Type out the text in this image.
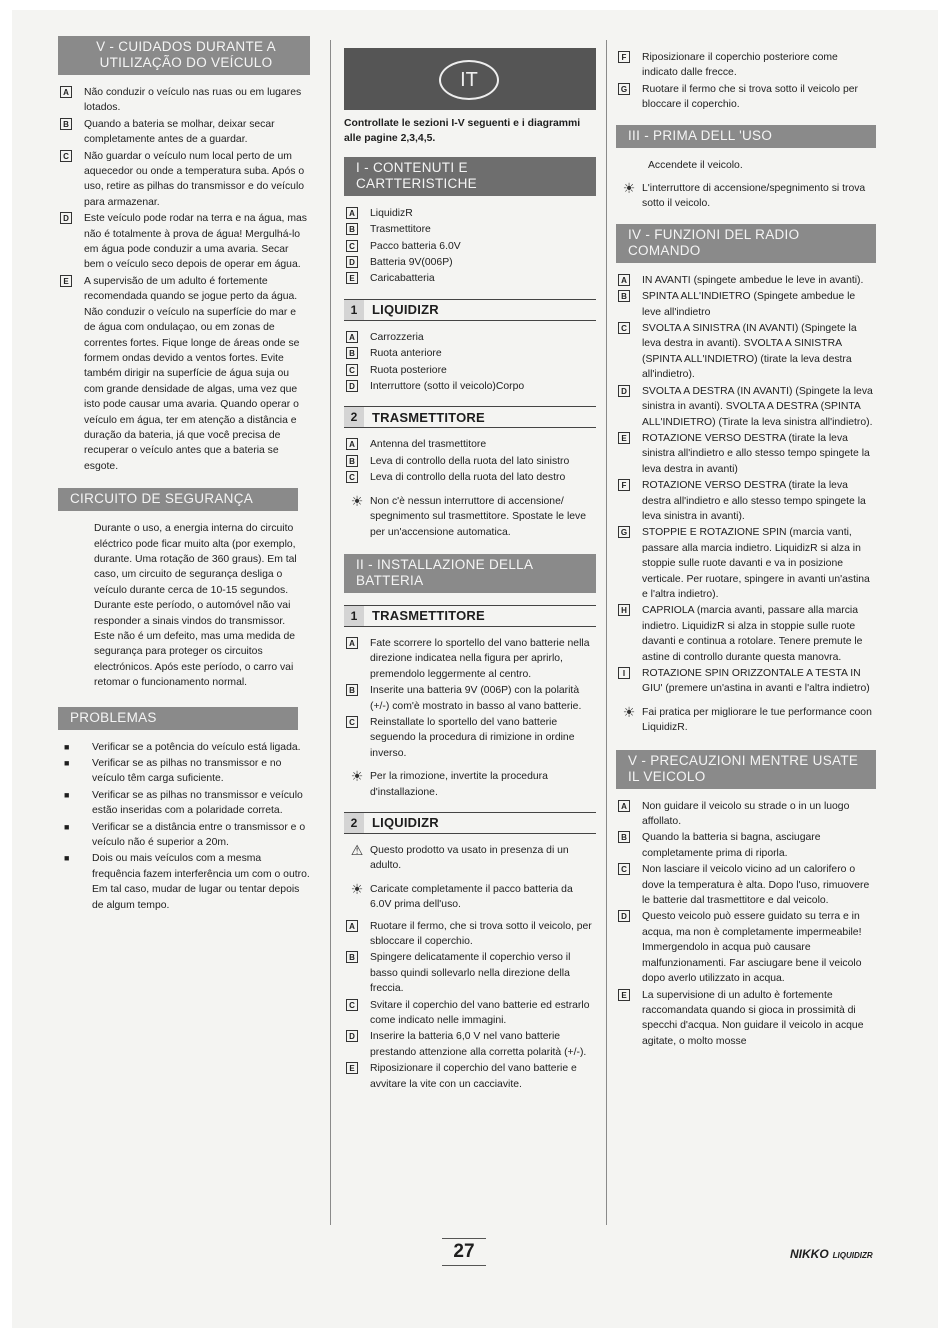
V - CUIDADOS DURANTE A UTILIZAÇÃO DO VEÍCULO
A Não conduzir o veículo nas ruas ou em lugares lotados.
B Quando a bateria se molhar, deixar secar completamente antes de a guardar.
C Não guardar o veículo num local perto de um aquecedor ou onde a temperatura suba. Após o uso, retire as pilhas do transmissor e do veículo para armazenar.
D Este veículo pode rodar na terra e na água, mas não é totalmente à prova de água! Mergulhá-lo em água pode conduzir a uma avaria. Secar bem o veículo seco depois de operar em água.
E	A supervisão de um adulto é fortemente recomendada quando se jogue perto da água. Não conduzir o veículo na superfície do mar e de água com ondulaçao, ou em zonas de correntes fortes. Fique longe de áreas onde se formem ondas devido a ventos fortes. Evite também dirigir na superfície de água suja ou com grande densidade de algas, uma vez que isto pode causar uma avaria. Quando operar o veículo em água, ter em atenção a distância e duração da bateria, já que você precisa de recuperar o veículo antes que a bateria se esgote.
CIRCUITO DE SEGURANÇA
Durante o uso, a energia interna do circuito eléctrico pode ficar muito alta (por exemplo, durante. Uma rotação de 360 graus). Em tal caso, um circuito de segurança desliga o veículo durante cerca de 10-15 segundos. Durante este período, o automóvel não vai responder a sinais vindos do transmissor. Este não é um defeito, mas uma medida de segurança para proteger os circuitos electrónicos. Após este período, o carro vai retomar o funcionamento normal.
PROBLEMAS
■	Verificar se a potência do veículo está ligada.
■	Verificar se as pilhas no transmissor e no veículo têm carga suficiente.
■	Verificar se as pilhas no transmissor e veículo estão inseridas com a polaridade correta.
■	Verificar se a distância entre o transmissor e o veículo não é superior a 20m.
■	Dois ou mais veículos com a mesma frequência fazem interferência um com o outro. Em tal caso, mudar de lugar ou tentar depois de algum tempo.
IT
Controllate le sezioni I-V seguenti e i diagrammi alle pagine 2,3,4,5.
I - CONTENUTI E CARTTERISTICHE
A LiquidizR
B Trasmettitore
C Pacco batteria 6.0V
D Batteria 9V(006P)
E	Caricabatteria
1	LIQUIDIZR
A Carrozzeria
B Ruota anteriore
C Ruota posteriore
D Interruttore (sotto il veicolo)Corpo
2	TRASMETTITORE
A Antenna del trasmettitore
B Leva di controllo della ruota del lato sinistro
C Leva di controllo della ruota del lato destro
☀ Non c'è nessun interruttore di accensione/ spegnimento sul trasmettitore. Spostate le leve per un'accensione automatica.
II - INSTALLAZIONE DELLA BATTERIA
1	TRASMETTITORE
A Fate scorrere lo sportello del vano batterie nella direzione indicatea nella figura per aprirlo, premendolo leggermente al centro.
B Inserite una batteria 9V (006P) con la polarità (+/-) com'è mostrato in basso al vano batterie.
C Reinstallate lo sportello del vano batterie seguendo la procedura di rimizione in ordine inverso.
☀ Per la rimozione, invertite la procedura d'installazione.
2	LIQUIDIZR
⚠ Questo prodotto va usato in presenza di un adulto.
☀ Caricate completamente il pacco batteria da 6.0V prima dell'uso.
A Ruotare il fermo, che si trova sotto il veicolo, per sbloccare il coperchio.
B Spingere delicatamente il coperchio verso il basso quindi sollevarlo nella direzione della freccia.
C Svitare il coperchio del vano batterie ed estrarlo come indicato nelle immagini.
D Inserire la batteria 6,0 V nel vano batterie prestando attenzione alla corretta polarità (+/-).
E	Riposizionare il coperchio del vano batterie e avvitare la vite con un cacciavite.
F	Riposizionare il coperchio posteriore come indicato dalle frecce.
G Ruotare il fermo che si trova sotto il veicolo per bloccare il coperchio.
III - PRIMA DELL 'USO
Accendete il veicolo.
☀ L'interruttore di accensione/spegnimento si trova sotto il veicolo.
IV - FUNZIONI DEL RADIO COMANDO
A IN AVANTI (spingete ambedue le leve in avanti).
B SPINTA ALL'INDIETRO (Spingete ambedue le leve all'indietro
C SVOLTA A SINISTRA (IN AVANTI) (Spingete la leva destra in avanti). SVOLTA A SINISTRA (SPINTA ALL'INDIETRO) (tirate la leva destra all'indietro).
D SVOLTA A DESTRA (IN AVANTI) (Spingete la leva sinistra in avanti). SVOLTA A DESTRA (SPINTA ALL'INDIETRO) (Tirate la leva sinistra all'indietro).
E	ROTAZIONE VERSO DESTRA (tirate la leva sinistra all'indietro e allo stesso tempo spingete la leva destra in avanti)
F	ROTAZIONE VERSO DESTRA (tirate la leva destra all'indietro e allo stesso tempo spingete la leva sinistra in avanti).
G STOPPIE E ROTAZIONE SPIN (marcia vanti, passare alla marcia indietro. LiquidizR si alza in stoppie sulle ruote davanti e va in posizione verticale. Per ruotare, spingere in avanti un'astina e l'altra indietro).
H CAPRIOLA (marcia avanti, passare alla marcia indietro. LiquidizR si alza in stoppie sulle ruote davanti e continua a rotolare. Tenere premute le astine di controllo durante questa manovra.
I	ROTAZIONE SPIN ORIZZONTALE A TESTA IN GIU' (premere un'astina in avanti e l'altra indietro)
☀ Fai pratica per migliorare le tue performance coon LiquidizR.
V - PRECAUZIONI MENTRE USATE IL VEICOLO
A Non guidare il veicolo su strade o in un luogo affollato.
B Quando la batteria si bagna, asciugare completamente prima di riporla.
C Non lasciare il veicolo vicino ad un calorifero o dove la temperatura è alta. Dopo l'uso, rimuovere le batterie dal trasmettitore e dal veicolo.
D Questo veicolo può essere guidato su terra e in acqua, ma non è completamente impermeabile! Immergendolo in acqua può causare malfunzionamenti. Far asciugare bene il veicolo dopo averlo utilizzato in acqua.
E	La supervisione di un adulto è fortemente raccomandata quando si gioca in prossimità di specchi d'acqua. Non guidare il veicolo in acque agitate, o molto mosse
27	NIKKO LIQUIDIZR
